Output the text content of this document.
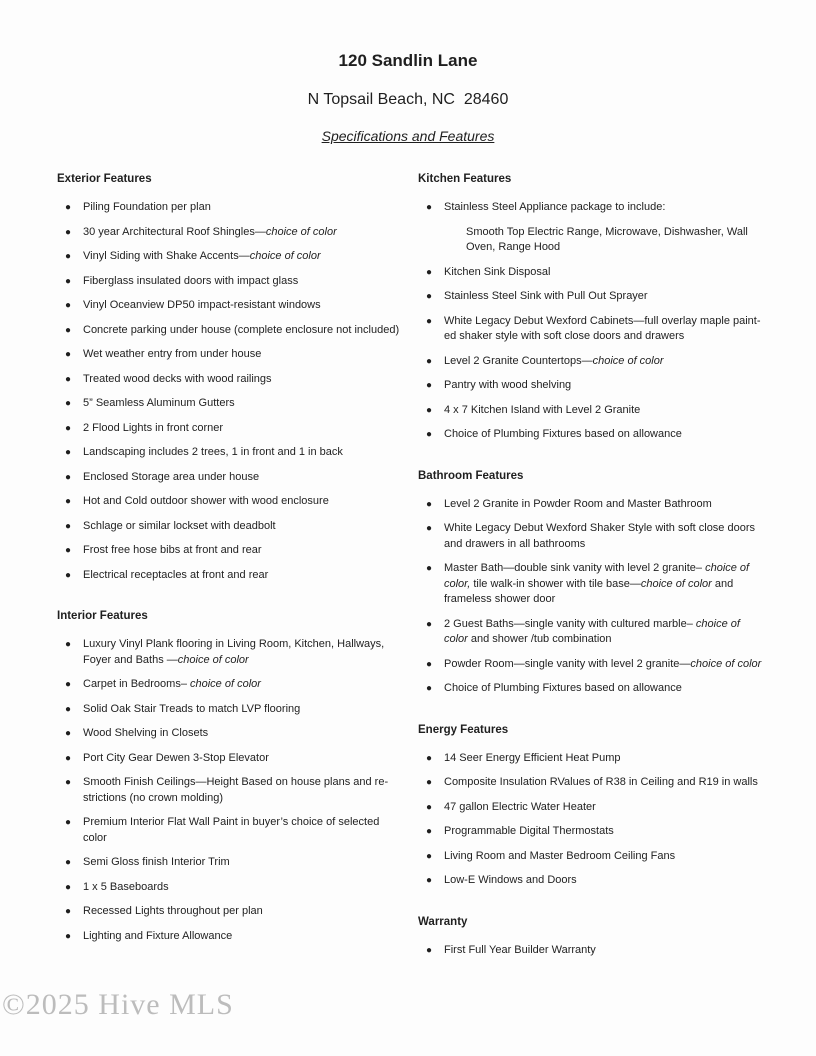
120 Sandlin Lane
N Topsail Beach, NC  28460
Specifications and Features
Exterior Features
●	Piling Foundation per plan
●	30 year Architectural Roof Shingles—choice of color
●	Vinyl Siding with Shake Accents—choice of color
●	Fiberglass insulated doors with impact glass
●	Vinyl Oceanview DP50 impact-resistant windows
●	Concrete parking under house (complete enclosure not included)
●	Wet weather entry from under house
●	Treated wood decks with wood railings
●	5” Seamless Aluminum Gutters
●	2 Flood Lights in front corner
●	Landscaping includes 2 trees, 1 in front and 1 in back
●	Enclosed Storage area under house
●	Hot and Cold outdoor shower with wood enclosure
●	Schlage or similar lockset with deadbolt
●	Frost free hose bibs at front and rear
●	Electrical receptacles at front and rear
Interior Features
●	Luxury Vinyl Plank flooring in Living Room, Kitchen, Hallways,
Foyer and Baths —choice of color
●	Carpet in Bedrooms– choice of color
●	Solid Oak Stair Treads to match LVP flooring
●	Wood Shelving in Closets
●	Port City Gear Dewen 3-Stop Elevator
●	Smooth Finish Ceilings—Height Based on house plans and re-
strictions (no crown molding)
●	Premium Interior Flat Wall Paint in buyer’s choice of selected
color
●	Semi Gloss finish Interior Trim
●	1 x 5 Baseboards
●	Recessed Lights throughout per plan
●	Lighting and Fixture Allowance
Kitchen Features
●	Stainless Steel Appliance package to include:
Smooth Top Electric Range, Microwave, Dishwasher, Wall
Oven, Range Hood
●	Kitchen Sink Disposal
●	Stainless Steel Sink with Pull Out Sprayer
●	White Legacy Debut Wexford Cabinets—full overlay maple paint-
ed shaker style with soft close doors and drawers
●	Level 2 Granite Countertops—choice of color
●	Pantry with wood shelving
●	4 x 7 Kitchen Island with Level 2 Granite
●	Choice of Plumbing Fixtures based on allowance
Bathroom Features
●	Level 2 Granite in Powder Room and Master Bathroom
●	White Legacy Debut Wexford Shaker Style with soft close doors
and drawers in all bathrooms
●	Master Bath—double sink vanity with level 2 granite– choice of
color, tile walk-in shower with tile base—choice of color and
frameless shower door
●	2 Guest Baths—single vanity with cultured marble– choice of
color and shower /tub combination
●	Powder Room—single vanity with level 2 granite—choice of color
●	Choice of Plumbing Fixtures based on allowance
Energy Features
●	14 Seer Energy Efficient Heat Pump
●	Composite Insulation RValues of R38 in Ceiling and R19 in walls
●	47 gallon Electric Water Heater
●	Programmable Digital Thermostats
●	Living Room and Master Bedroom Ceiling Fans
●	Low-E Windows and Doors
Warranty
●	First Full Year Builder Warranty
©2025 Hive MLS
